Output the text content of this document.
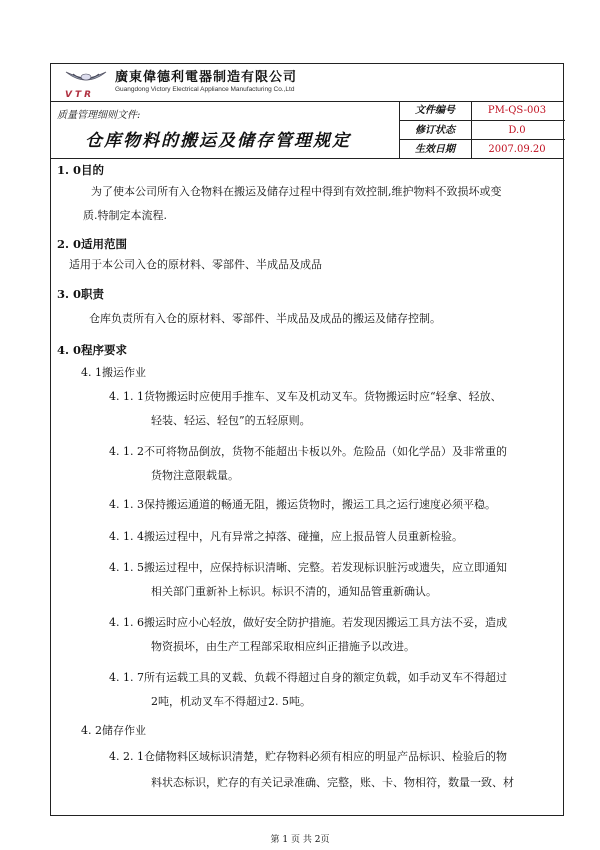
VTR
廣東偉德利電器制造有限公司
Guangdong Victory Electrical Appliance Manufacturing Co.,Ltd
质量管理细则文件:
仓库物料的搬运及储存管理规定
文件编号	PM-QS-003
修订状态	D.0
生效日期	2007.09.20
1. 0目的
为了使本公司所有入仓物料在搬运及储存过程中得到有效控制,维护物料不致损坏或变
质.特制定本流程.
2. 0适用范围
适用于本公司入仓的原材料、零部件、半成品及成品
3. 0职责
仓库负责所有入仓的原材料、零部件、半成品及成品的搬运及储存控制。
4. 0程序要求
4. 1搬运作业
4. 1. 1货物搬运时应使用手推车、叉车及机动叉车。货物搬运时应“轻拿、轻放、
轻装、轻运、轻包”的五轻原则。
4. 1. 2不可将物品倒放，货物不能超出卡板以外。危险品（如化学品）及非常重的
货物注意限载量。
4. 1. 3保持搬运通道的畅通无阻，搬运货物时，搬运工具之运行速度必须平稳。
4. 1. 4搬运过程中，凡有异常之掉落、碰撞，应上报品管人员重新检验。
4. 1. 5搬运过程中，应保持标识清晰、完整。若发现标识脏污或遗失，应立即通知
相关部门重新补上标识。标识不清的，通知品管重新确认。
4. 1. 6搬运时应小心轻放，做好安全防护措施。若发现因搬运工具方法不妥，造成
物资损坏，由生产工程部采取相应纠正措施予以改进。
4. 1. 7所有运载工具的叉载、负载不得超过自身的额定负载，如手动叉车不得超过
2吨，机动叉车不得超过2. 5吨。
4. 2储存作业
4. 2. 1仓储物料区域标识清楚，贮存物料必须有相应的明显产品标识、检验后的物
料状态标识，贮存的有关记录准确、完整，账、卡、物相符，数量一致、材
第 1 页 共 2页
